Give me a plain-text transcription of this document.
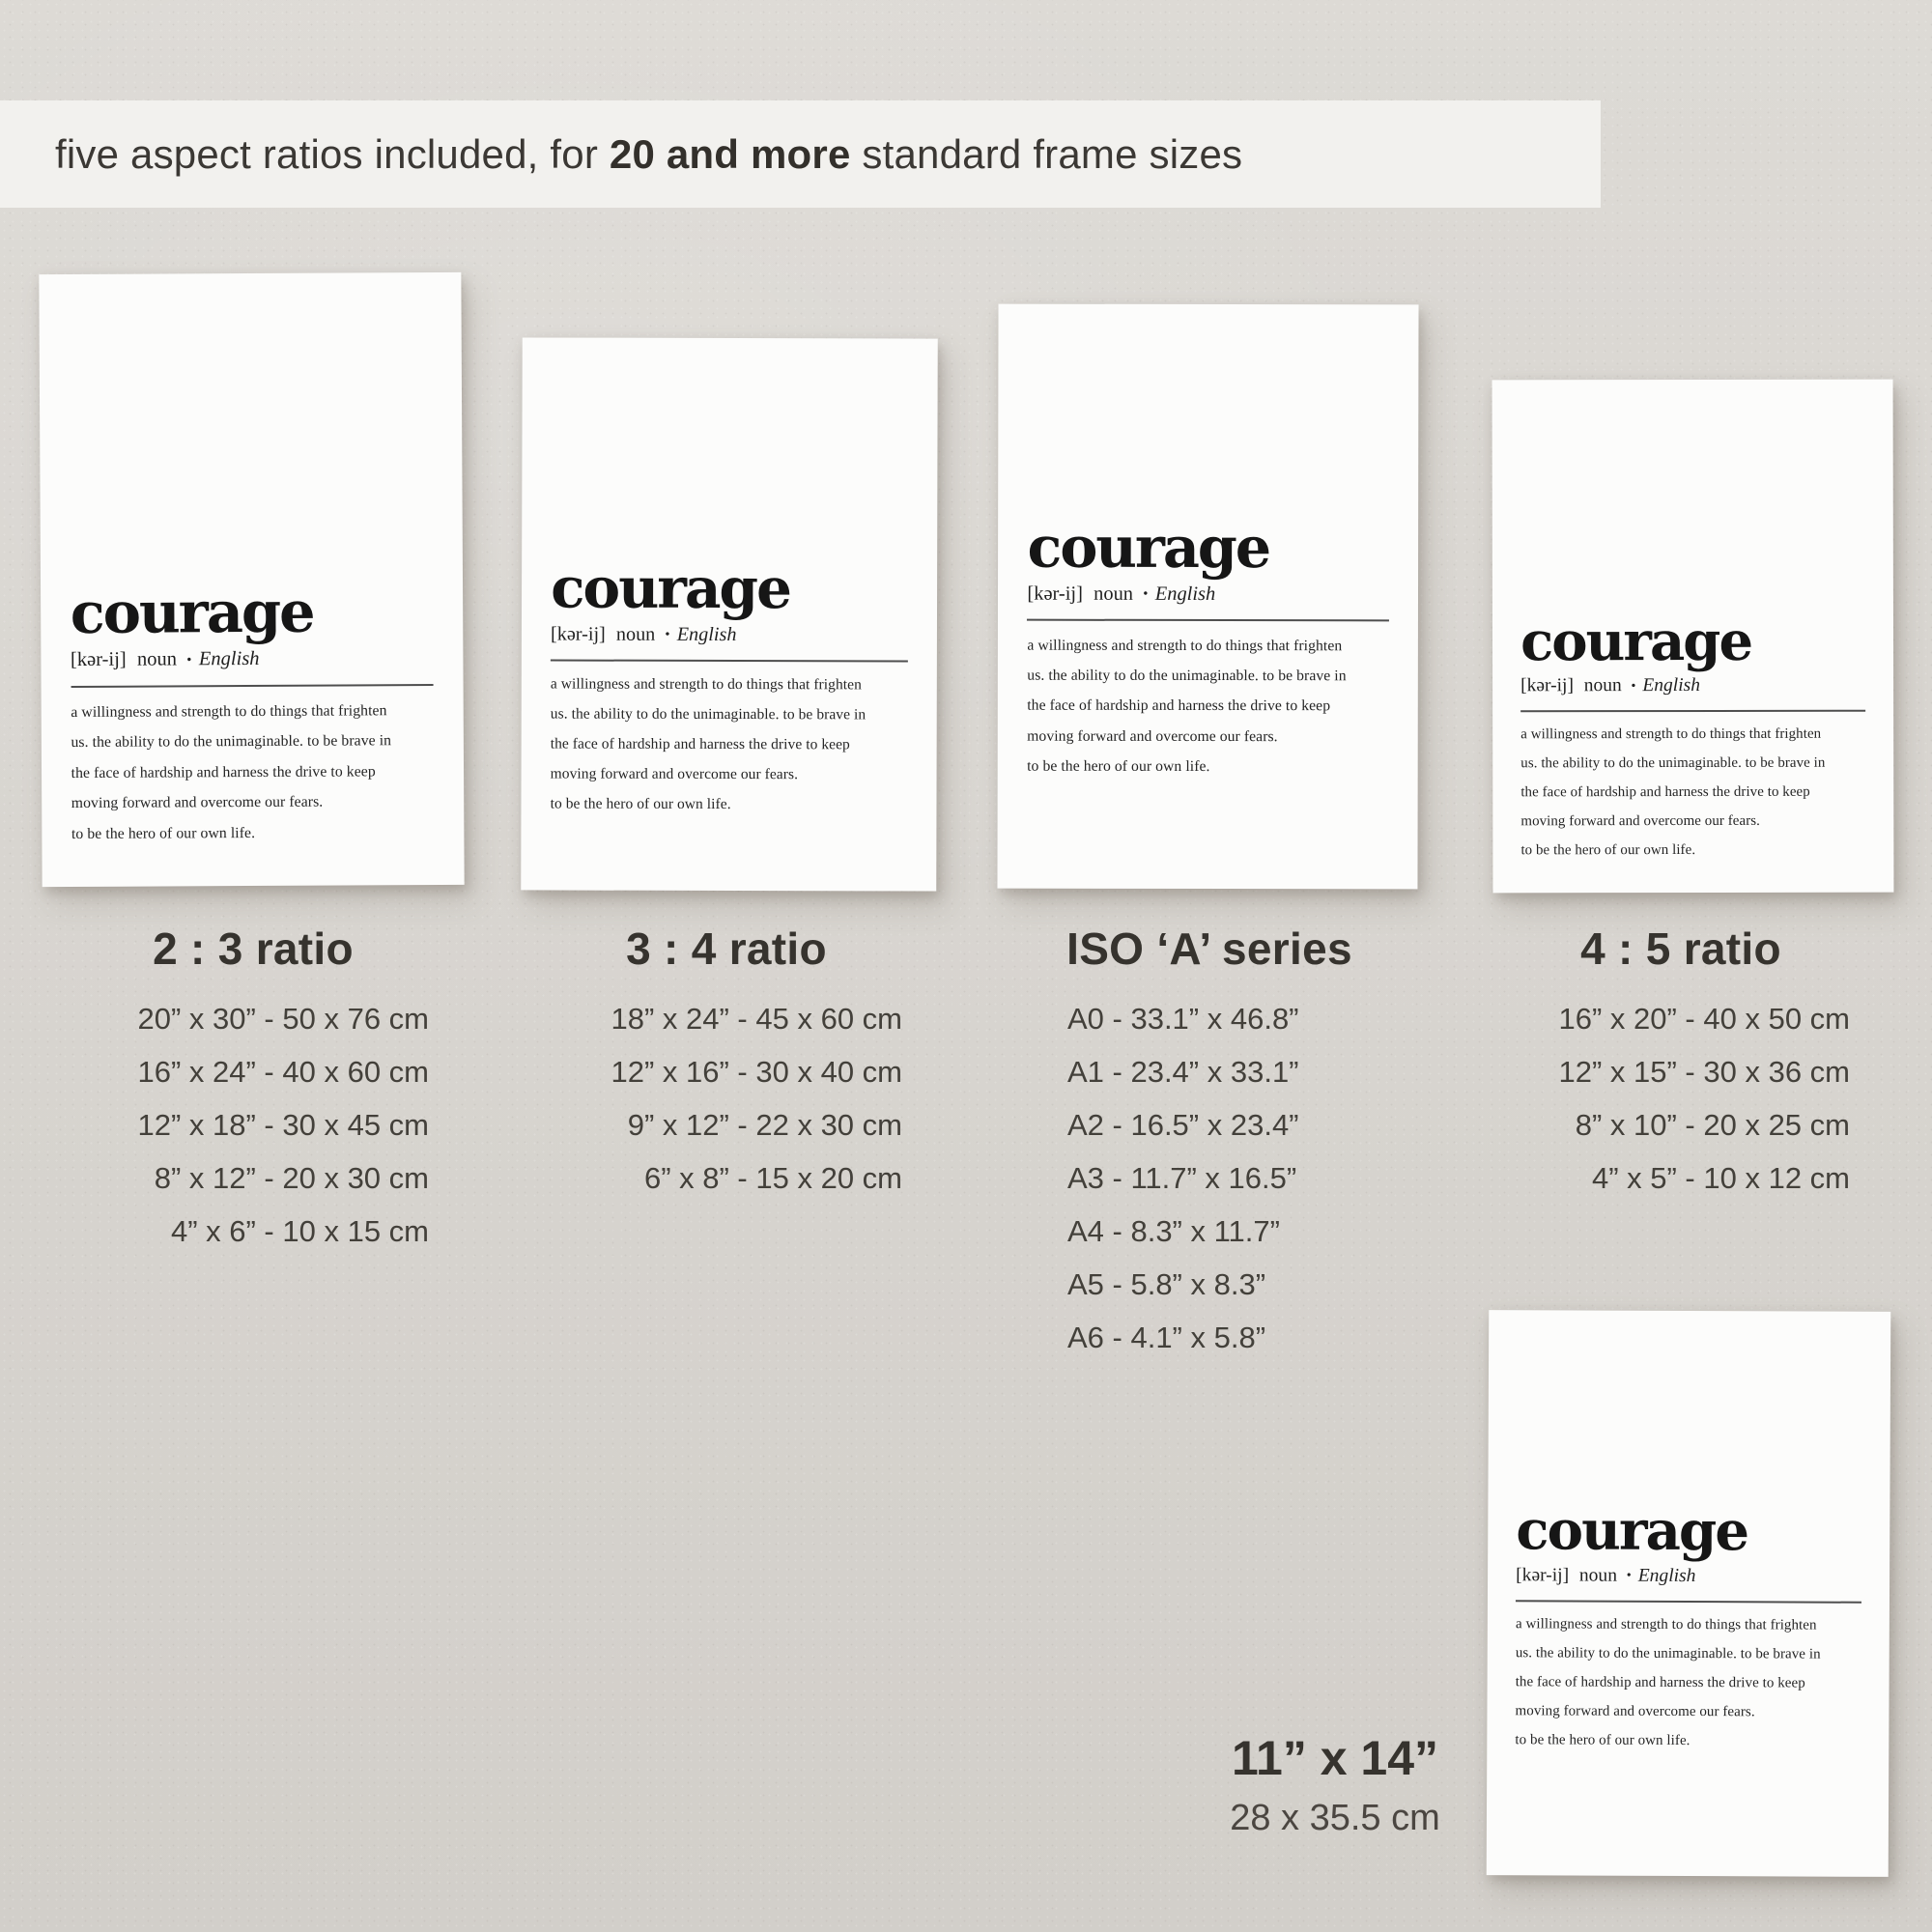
five aspect ratios included, for 20 and more standard frame sizes
courage
[kər-ij] noun • English
a willingness and strength to do things that frighten
us. the ability to do the unimaginable. to be brave in
the face of hardship and harness the drive to keep
moving forward and overcome our fears.
to be the hero of our own life.
courage
[kər-ij] noun • English
a willingness and strength to do things that frighten
us. the ability to do the unimaginable. to be brave in
the face of hardship and harness the drive to keep
moving forward and overcome our fears.
to be the hero of our own life.
courage
[kər-ij] noun • English
a willingness and strength to do things that frighten
us. the ability to do the unimaginable. to be brave in
the face of hardship and harness the drive to keep
moving forward and overcome our fears.
to be the hero of our own life.
courage
[kər-ij] noun • English
a willingness and strength to do things that frighten
us. the ability to do the unimaginable. to be brave in
the face of hardship and harness the drive to keep
moving forward and overcome our fears.
to be the hero of our own life.
courage
[kər-ij] noun • English
a willingness and strength to do things that frighten
us. the ability to do the unimaginable. to be brave in
the face of hardship and harness the drive to keep
moving forward and overcome our fears.
to be the hero of our own life.
2 : 3 ratio
20” x 30” - 50 x 76 cm
16” x 24” - 40 x 60 cm
12” x 18” - 30 x 45 cm
8” x 12” - 20 x 30 cm
4” x 6” - 10 x 15 cm
3 : 4 ratio
18” x 24” - 45 x 60 cm
12” x 16” - 30 x 40 cm
9” x 12” - 22 x 30 cm
6” x 8” - 15 x 20 cm
ISO ‘A’ series
A0 - 33.1” x 46.8”
A1 - 23.4” x 33.1”
A2 - 16.5” x 23.4”
A3 - 11.7” x 16.5”
A4 - 8.3” x 11.7”
A5 - 5.8” x 8.3”
A6 - 4.1” x 5.8”
4 : 5 ratio
16” x 20” - 40 x 50 cm
12” x 15” - 30 x 36 cm
8” x 10” - 20 x 25 cm
4” x 5” - 10 x 12 cm
11” x 14”
28 x 35.5 cm
